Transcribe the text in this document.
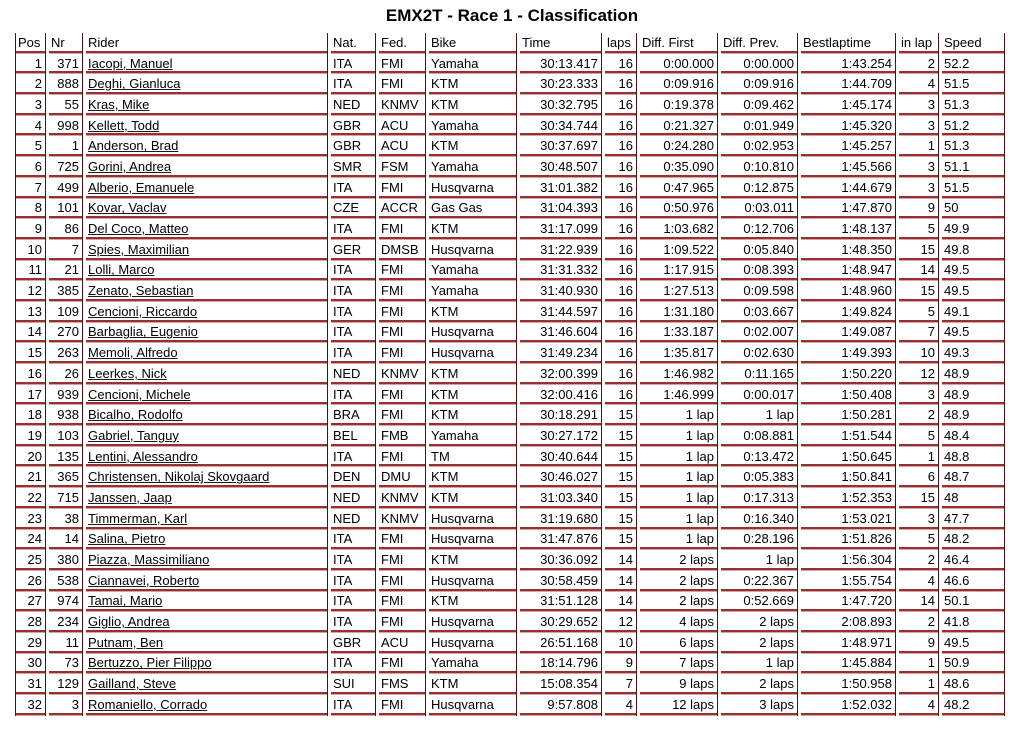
EMX2T - Race 1 - Classification
Pos	Nr	Rider	Nat.	Fed.	Bike	Time	laps	Diff. First	Diff. Prev.	Bestlaptime	in lap	Speed
1	371	Iacopi, Manuel	ITA	FMI	Yamaha	30:13.417	16	0:00.000	0:00.000	1:43.254	2	52.2
2	888	Deghi, Gianluca	ITA	FMI	KTM	30:23.333	16	0:09.916	0:09.916	1:44.709	4	51.5
3	55	Kras, Mike	NED	KNMV	KTM	30:32.795	16	0:19.378	0:09.462	1:45.174	3	51.3
4	998	Kellett, Todd	GBR	ACU	Yamaha	30:34.744	16	0:21.327	0:01.949	1:45.320	3	51.2
5	1	Anderson, Brad	GBR	ACU	KTM	30:37.697	16	0:24.280	0:02.953	1:45.257	1	51.3
6	725	Gorini, Andrea	SMR	FSM	Yamaha	30:48.507	16	0:35.090	0:10.810	1:45.566	3	51.1
7	499	Alberio, Emanuele	ITA	FMI	Husqvarna	31:01.382	16	0:47.965	0:12.875	1:44.679	3	51.5
8	101	Kovar, Vaclav	CZE	ACCR	Gas Gas	31:04.393	16	0:50.976	0:03.011	1:47.870	9	50
9	86	Del Coco, Matteo	ITA	FMI	KTM	31:17.099	16	1:03.682	0:12.706	1:48.137	5	49.9
10	7	Spies, Maximilian	GER	DMSB	Husqvarna	31:22.939	16	1:09.522	0:05.840	1:48.350	15	49.8
11	21	Lolli, Marco	ITA	FMI	Yamaha	31:31.332	16	1:17.915	0:08.393	1:48.947	14	49.5
12	385	Zenato, Sebastian	ITA	FMI	Yamaha	31:40.930	16	1:27.513	0:09.598	1:48.960	15	49.5
13	109	Cencioni, Riccardo	ITA	FMI	KTM	31:44.597	16	1:31.180	0:03.667	1:49.824	5	49.1
14	270	Barbaglia, Eugenio	ITA	FMI	Husqvarna	31:46.604	16	1:33.187	0:02.007	1:49.087	7	49.5
15	263	Memoli, Alfredo	ITA	FMI	Husqvarna	31:49.234	16	1:35.817	0:02.630	1:49.393	10	49.3
16	26	Leerkes, Nick	NED	KNMV	KTM	32:00.399	16	1:46.982	0:11.165	1:50.220	12	48.9
17	939	Cencioni, Michele	ITA	FMI	KTM	32:00.416	16	1:46.999	0:00.017	1:50.408	3	48.9
18	938	Bicalho, Rodolfo	BRA	FMI	KTM	30:18.291	15	1 lap	1 lap	1:50.281	2	48.9
19	103	Gabriel, Tanguy	BEL	FMB	Yamaha	30:27.172	15	1 lap	0:08.881	1:51.544	5	48.4
20	135	Lentini, Alessandro	ITA	FMI	TM	30:40.644	15	1 lap	0:13.472	1:50.645	1	48.8
21	365	Christensen, Nikolaj Skovgaard	DEN	DMU	KTM	30:46.027	15	1 lap	0:05.383	1:50.841	6	48.7
22	715	Janssen, Jaap	NED	KNMV	KTM	31:03.340	15	1 lap	0:17.313	1:52.353	15	48
23	38	Timmerman, Karl	NED	KNMV	Husqvarna	31:19.680	15	1 lap	0:16.340	1:53.021	3	47.7
24	14	Salina, Pietro	ITA	FMI	Husqvarna	31:47.876	15	1 lap	0:28.196	1:51.826	5	48.2
25	380	Piazza, Massimiliano	ITA	FMI	KTM	30:36.092	14	2 laps	1 lap	1:56.304	2	46.4
26	538	Ciannavei, Roberto	ITA	FMI	Husqvarna	30:58.459	14	2 laps	0:22.367	1:55.754	4	46.6
27	974	Tamai, Mario	ITA	FMI	KTM	31:51.128	14	2 laps	0:52.669	1:47.720	14	50.1
28	234	Giglio, Andrea	ITA	FMI	Husqvarna	30:29.652	12	4 laps	2 laps	2:08.893	2	41.8
29	11	Putnam, Ben	GBR	ACU	Husqvarna	26:51.168	10	6 laps	2 laps	1:48.971	9	49.5
30	73	Bertuzzo, Pier Filippo	ITA	FMI	Yamaha	18:14.796	9	7 laps	1 lap	1:45.884	1	50.9
31	129	Gailland, Steve	SUI	FMS	KTM	15:08.354	7	9 laps	2 laps	1:50.958	1	48.6
32	3	Romaniello, Corrado	ITA	FMI	Husqvarna	9:57.808	4	12 laps	3 laps	1:52.032	4	48.2
